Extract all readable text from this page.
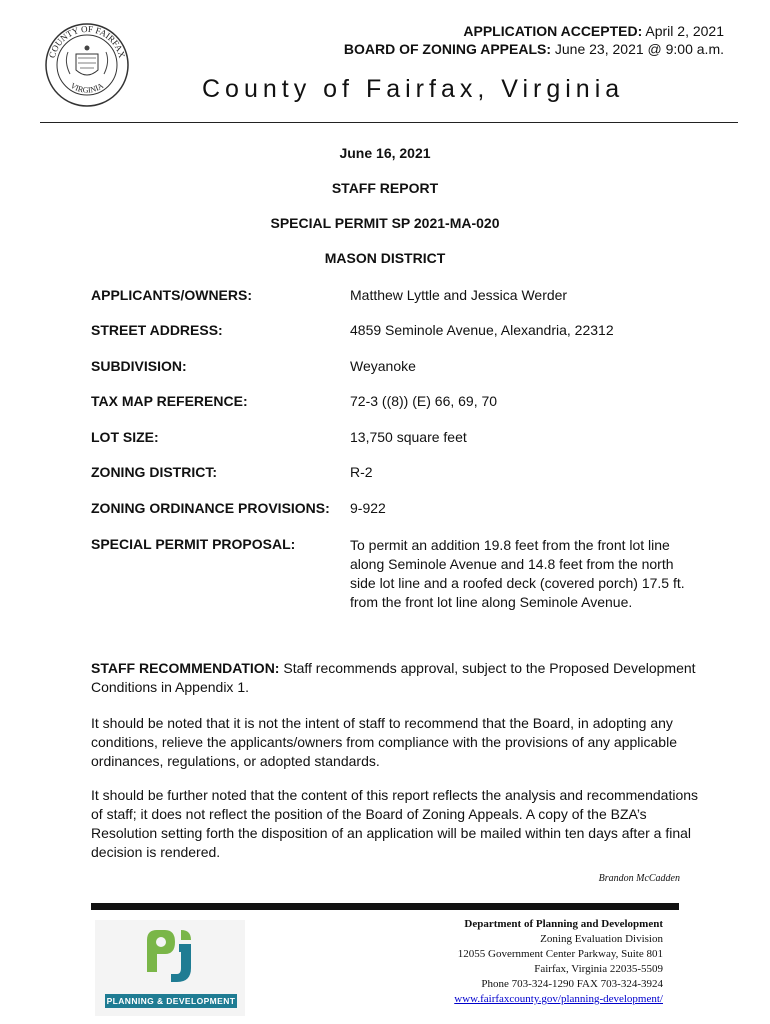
COUNTY OF FAIRFAX
VIRGINIA
APPLICATION ACCEPTED: April 2, 2021
BOARD OF ZONING APPEALS: June 23, 2021 @ 9:00 a.m.
County of Fairfax, Virginia
June 16, 2021
STAFF REPORT
SPECIAL PERMIT SP 2021-MA-020
MASON DISTRICT
APPLICANTS/OWNERS:	Matthew Lyttle and Jessica Werder
STREET ADDRESS:	4859 Seminole Avenue, Alexandria, 22312
SUBDIVISION:	Weyanoke
TAX MAP REFERENCE:	72-3 ((8)) (E) 66, 69, 70
LOT SIZE:	13,750 square feet
ZONING DISTRICT:	R-2
ZONING ORDINANCE PROVISIONS: 9-922
SPECIAL PERMIT PROPOSAL:	To permit an addition 19.8 feet from the front lot line along Seminole Avenue and 14.8 feet from the north side lot line and a roofed deck (covered porch) 17.5 ft. from the front lot line along Seminole Avenue.
STAFF RECOMMENDATION: Staff recommends approval, subject to the Proposed Development Conditions in Appendix 1.
It should be noted that it is not the intent of staff to recommend that the Board, in adopting any conditions, relieve the applicants/owners from compliance with the provisions of any applicable ordinances, regulations, or adopted standards.
It should be further noted that the content of this report reflects the analysis and recommendations of staff; it does not reflect the position of the Board of Zoning Appeals. A copy of the BZA’s Resolution setting forth the disposition of an application will be mailed within ten days after a final decision is rendered.
Brandon McCadden
PLANNING & DEVELOPMENT
Department of Planning and Development
Zoning Evaluation Division
12055 Government Center Parkway, Suite 801
Fairfax, Virginia 22035-5509
Phone 703-324-1290 FAX 703-324-3924
www.fairfaxcounty.gov/planning-development/
